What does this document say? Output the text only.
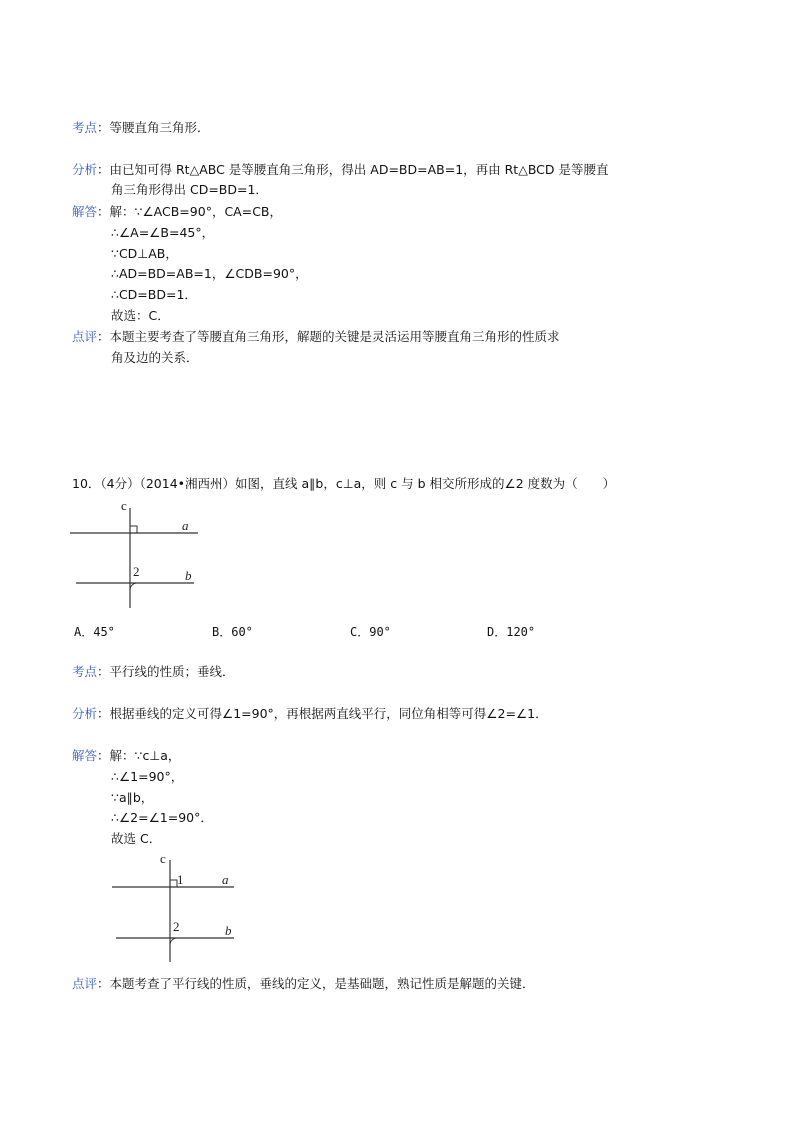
考点：等腰直角三角形．
分析：由已知可得 Rt△ABC 是等腰直角三角形，得出 AD=BD=AB=1，再由 Rt△BCD 是等腰直
角三角形得出 CD=BD=1．
解答：解：∵∠ACB=90°，CA=CB，
∴∠A=∠B=45°，
∵CD⊥AB，
∴AD=BD=AB=1，∠CDB=90°，
∴CD=BD=1．
故选：C．
点评：本题主要考查了等腰直角三角形，解题的关键是灵活运用等腰直角三角形的性质求
角及边的关系．
10．（4分）（2014•湘西州）如图，直线 a∥b，c⊥a，则 c 与 b 相交所形成的∠2 度数为（　　）
c
a
2	b
A．45°	B．60°	C．90°	D．120°
考点：平行线的性质；垂线．
分析：根据垂线的定义可得∠1=90°，再根据两直线平行，同位角相等可得∠2=∠1．
解答：解：∵c⊥a，
∴∠1=90°，
∵a∥b，
∴∠2=∠1=90°．
故选 C．
c
1	a
2	b
点评：本题考查了平行线的性质，垂线的定义，是基础题，熟记性质是解题的关键．
